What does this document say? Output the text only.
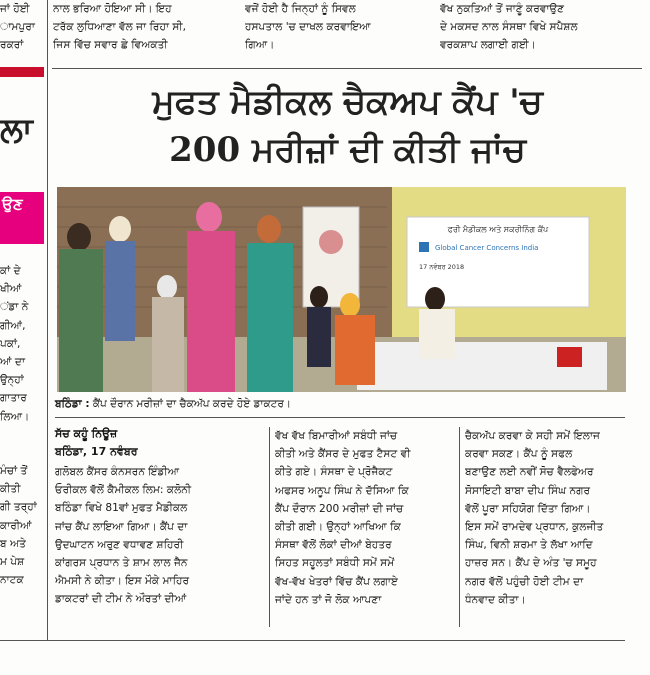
ਜਾਂ ਹੋਈ

ਾਮਪੁਰਾ

ਰਕਰਾਂ

ਲਾ
ਉਣ

ਕਾਂ ਦੇ

ਖੀਆਂ

ਂਡਾ ਨੇ

ਗੀਆਂ,

ਪਕਾਂ,

ਆਂ ਦਾ

ਉਨ੍ਹਾਂ

ਗਾਤਾਰ

ਲਿਆ।

ਮੰਚਾਂ ਤੋਂ

ਕੀਤੀ

ਗੀ ਤਰ੍ਹਾਂ

ਕਾਰੀਆਂ

ਬ ਅਤੇ

ਮ ਪੇਸ਼

ਨਾਟਕ

ਨਾਲ ਭਰਿਆ ਹੋਇਆ ਸੀ। ਇਹ

ਟਰੱਕ ਲੁਧਿਆਣਾ ਵੱਲ ਜਾ ਰਿਹਾ ਸੀ,

ਜਿਸ ਵਿੱਚ ਸਵਾਰ ਛੇ ਵਿਅਕਤੀ

ਵਜੋਂ ਹੋਈ ਹੈ ਜਿਨ੍ਹਾਂ ਨੂੰ ਸਿਵਲ

ਹਸਪਤਾਲ 'ਚ ਦਾਖਲ ਕਰਵਾਇਆ

ਗਿਆ।

ਵੱਖ ਨੁਕਤਿਆਂ ਤੋਂ ਜਾਣੂੰ ਕਰਵਾਉਣ

ਦੇ ਮਕਸਦ ਨਾਲ ਸੰਸਥਾ ਵਿਖੇ ਸਪੈਸ਼ਲ

ਵਰਕਸ਼ਾਪ ਲਗਾਈ ਗਈ।

ਮੁਫਤ ਮੈਡੀਕਲ ਚੈਕਅਪ ਕੈਂਪ 'ਚ
200 ਮਰੀਜ਼ਾਂ ਦੀ ਕੀਤੀ ਜਾਂਚ
ਫਰੀ ਮੈਡੀਕਲ ਅਤੇ ਸਕਰੀਨਿੰਗ ਕੈਂਪ
Global Cancer Concerns India
17 ਨਵੰਬਰ 2018
ਬਠਿੰਡਾ : ਕੈਂਪ ਦੌਰਾਨ ਮਰੀਜ਼ਾਂ ਦਾ ਚੈਕਅੱਪ ਕਰਦੇ ਹੋਏ ਡਾਕਟਰ।
ਸੱਚ ਕਹੂੰ ਨਿਊਜ਼
ਬਠਿੰਡਾ, 17 ਨਵੰਬਰ

ਗਲੋਬਲ ਕੈਂਸਰ ਕੰਨਸਰਨ ਇੰਡੀਆ

ਓਰੀਕਲ ਵੱਲੋਂ ਕੈਮੀਕਲ ਲਿਮ: ਕਲੋਨੀ

ਬਠਿੰਡਾ ਵਿਖੇ 81ਵਾਂ ਮੁਫਤ ਮੈਡੀਕਲ

ਜਾਂਚ ਕੈਂਪ ਲਾਇਆ ਗਿਆ। ਕੈਂਪ ਦਾ

ਉਦਘਾਟਨ ਅਰੁਣ ਵਧਾਵਣ ਸ਼ਹਿਰੀ

ਕਾਂਗਰਸ ਪ੍ਰਧਾਨ ਤੇ ਸ਼ਾਮ ਲਾਲ ਜੈਨ

ਐਮਸੀ ਨੇ ਕੀਤਾ। ਇਸ ਮੌਕੇ ਮਾਹਿਰ

ਡਾਕਟਰਾਂ ਦੀ ਟੀਮ ਨੇ ਔਰਤਾਂ ਦੀਆਂ

ਵੱਖ ਵੱਖ ਬਿਮਾਰੀਆਂ ਸਬੰਧੀ ਜਾਂਚ

ਕੀਤੀ ਅਤੇ ਕੈਂਸਰ ਦੇ ਮੁਫਤ ਟੈਸਟ ਵੀ

ਕੀਤੇ ਗਏ। ਸੰਸਥਾ ਦੇ ਪ੍ਰੋਜੈਕਟ

ਅਫਸਰ ਅਨੂਪ ਸਿੰਘ ਨੇ ਦੱਸਿਆ ਕਿ

ਕੈਂਪ ਦੌਰਾਨ 200 ਮਰੀਜ਼ਾਂ ਦੀ ਜਾਂਚ

ਕੀਤੀ ਗਈ। ਉਨ੍ਹਾਂ ਆਖਿਆ ਕਿ

ਸੰਸਥਾ ਵੱਲੋਂ ਲੋਕਾਂ ਦੀਆਂ ਬੇਹਤਰ

ਸਿਹਤ ਸਹੂਲਤਾਂ ਸਬੰਧੀ ਸਮੇਂ ਸਮੇਂ

ਵੱਖ-ਵੱਖ ਖੇਤਰਾਂ ਵਿੱਚ ਕੈਂਪ ਲਗਾਏ

ਜਾਂਦੇ ਹਨ ਤਾਂ ਜੋ ਲੋਕ ਆਪਣਾ

ਚੈਕਅੱਪ ਕਰਵਾ ਕੇ ਸਹੀ ਸਮੇਂ ਇਲਾਜ

ਕਰਵਾ ਸਕਣ। ਕੈਂਪ ਨੂੰ ਸਫਲ

ਬਣਾਉਣ ਲਈ ਨਵੀਂ ਸੋਚ ਵੈਲਫੇਅਰ

ਸੋਸਾਇਟੀ ਬਾਬਾ ਦੀਪ ਸਿੰਘ ਨਗਰ

ਵੱਲੋਂ ਪੂਰਾ ਸਹਿਯੋਗ ਦਿੱਤਾ ਗਿਆ।

ਇਸ ਸਮੇਂ ਰਾਮਦੇਵ ਪ੍ਰਧਾਨ, ਕੁਲਜੀਤ

ਸਿੰਘ, ਵਿਨੀ ਸ਼ਰਮਾ ਤੇ ਲੱਖਾ ਆਦਿ

ਹਾਜ਼ਰ ਸਨ। ਕੈਂਪ ਦੇ ਅੰਤ 'ਚ ਸਮੂਹ

ਨਗਰ ਵੱਲੋਂ ਪਹੁੰਚੀ ਹੋਈ ਟੀਮ ਦਾ

ਧੰਨਵਾਦ ਕੀਤਾ।
